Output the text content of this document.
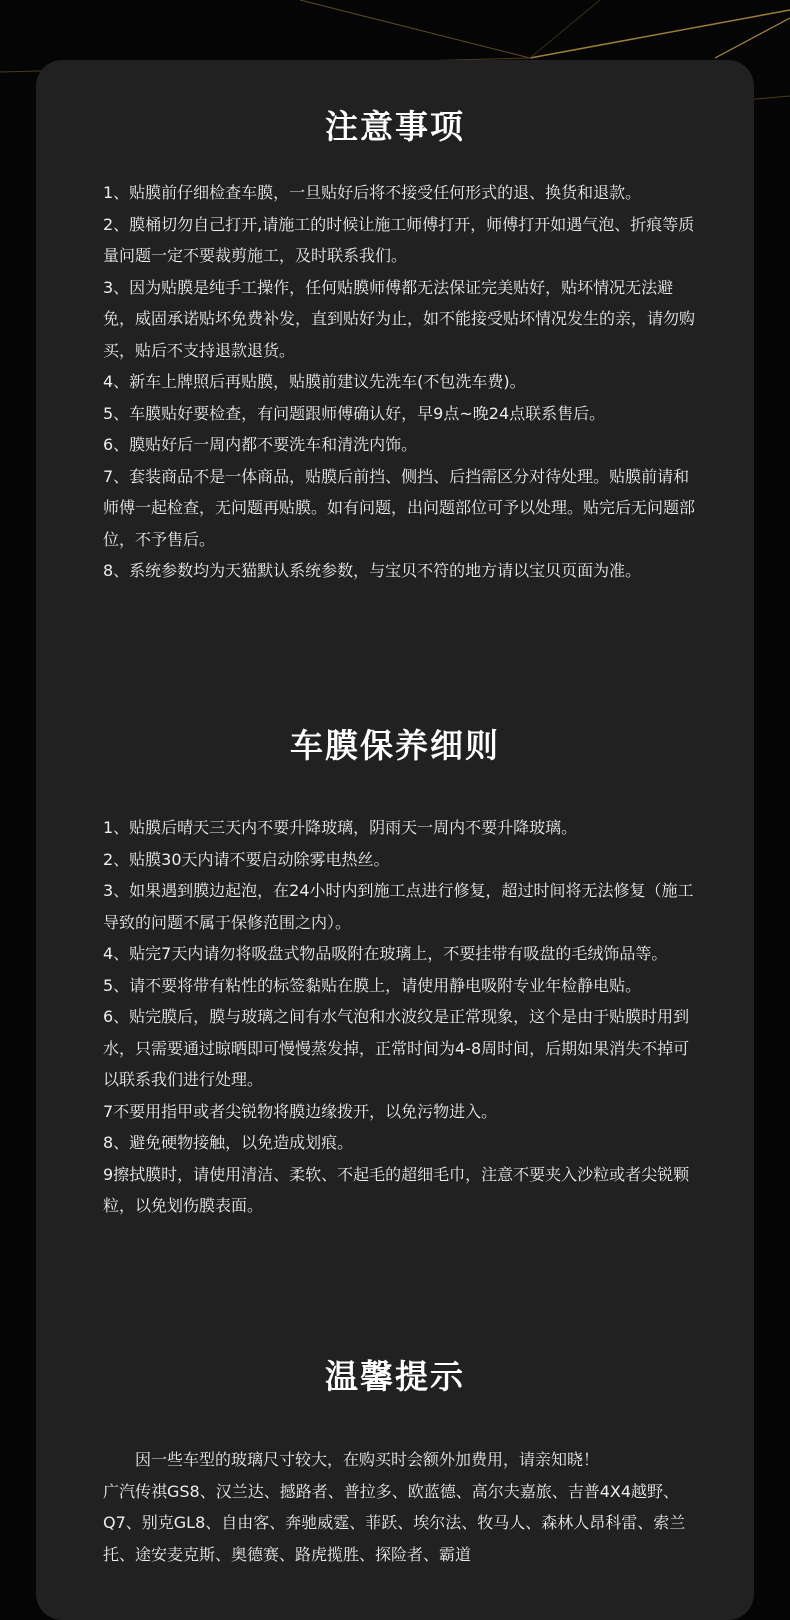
注意事项
1、贴膜前仔细检查车膜，一旦贴好后将不接受任何形式的退、换货和退款。
2、膜桶切勿自己打开,请施工的时候让施工师傅打开，师傅打开如遇气泡、折痕等质量问题一定不要裁剪施工，及时联系我们。
3、因为贴膜是纯手工操作，任何贴膜师傅都无法保证完美贴好，贴坏情况无法避免，威固承诺贴坏免费补发，直到贴好为止，如不能接受贴坏情况发生的亲，请勿购买，贴后不支持退款退货。
4、新车上牌照后再贴膜，贴膜前建议先洗车(不包洗车费)。
5、车膜贴好要检查，有问题跟师傅确认好，早9点~晚24点联系售后。
6、膜贴好后一周内都不要洗车和清洗内饰。
7、套装商品不是一体商品，贴膜后前挡、侧挡、后挡需区分对待处理。贴膜前请和师傅一起检查，无问题再贴膜。如有问题，出问题部位可予以处理。贴完后无问题部位，不予售后。
8、系统参数均为天猫默认系统参数，与宝贝不符的地方请以宝贝页面为准。
车膜保养细则
1、贴膜后晴天三天内不要升降玻璃，阴雨天一周内不要升降玻璃。
2、贴膜30天内请不要启动除雾电热丝。
3、如果遇到膜边起泡，在24小时内到施工点进行修复，超过时间将无法修复（施工导致的问题不属于保修范围之内）。
4、贴完7天内请勿将吸盘式物品吸附在玻璃上，不要挂带有吸盘的毛绒饰品等。
5、请不要将带有粘性的标签黏贴在膜上，请使用静电吸附专业年检静电贴。
6、贴完膜后，膜与玻璃之间有水气泡和水波纹是正常现象，这个是由于贴膜时用到水，只需要通过晾晒即可慢慢蒸发掉，正常时间为4-8周时间，后期如果消失不掉可以联系我们进行处理。
7不要用指甲或者尖锐物将膜边缘拨开，以免污物进入。
8、避免硬物接触，以免造成划痕。
9擦拭膜时，请使用清洁、柔软、不起毛的超细毛巾，注意不要夹入沙粒或者尖锐颗粒，以免划伤膜表面。
温馨提示

因一些车型的玻璃尺寸较大，在购买时会额外加费用，请亲知晓！

广汽传祺GS8、汉兰达、撼路者、普拉多、欧蓝德、高尔夫嘉旅、吉普4X4越野、Q7、别克GL8、自由客、奔驰威霆、菲跃、埃尔法、牧马人、森林人昂科雷、索兰托、途安麦克斯、奥德赛、路虎揽胜、探险者、霸道
